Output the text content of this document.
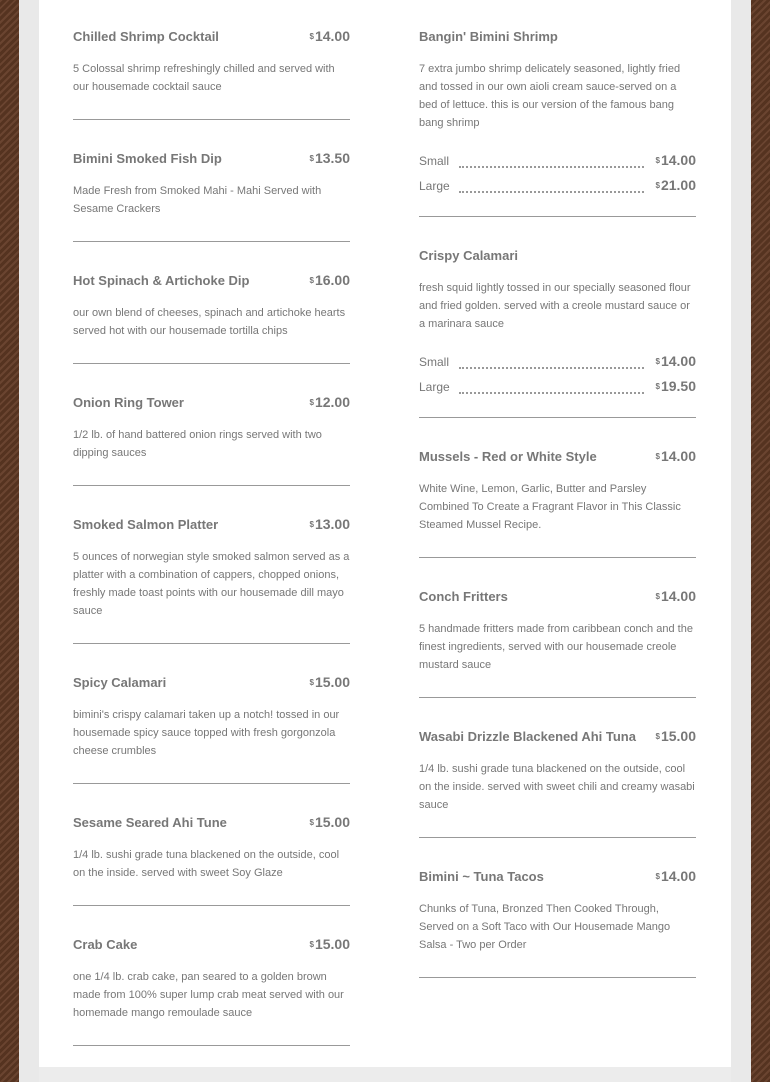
Chilled Shrimp Cocktail	$14.00
5 Colossal shrimp refreshingly chilled and served with our housemade cocktail sauce
Bimini Smoked Fish Dip	$13.50
Made Fresh from Smoked Mahi - Mahi Served with Sesame Crackers
Hot Spinach & Artichoke Dip	$16.00
our own blend of cheeses, spinach and artichoke hearts served hot with our housemade tortilla chips
Onion Ring Tower	$12.00
1/2 lb. of hand battered onion rings served with two dipping sauces
Smoked Salmon Platter	$13.00
5 ounces of norwegian style smoked salmon served as a platter with a combination of cappers, chopped onions, freshly made toast points with our housemade dill mayo sauce
Spicy Calamari	$15.00
bimini's crispy calamari taken up a notch! tossed in our housemade spicy sauce topped with fresh gorgonzola cheese crumbles
Sesame Seared Ahi Tune	$15.00
1/4 lb. sushi grade tuna blackened on the outside, cool on the inside. served with sweet Soy Glaze
Crab Cake	$15.00
one 1/4 lb. crab cake, pan seared to a golden brown made from 100% super lump crab meat served with our homemade mango remoulade sauce
Bangin' Bimini Shrimp
7 extra jumbo shrimp delicately seasoned, lightly fried and tossed in our own aioli cream sauce-served on a bed of lettuce. this is our version of the famous bang bang shrimp
Small	$14.00
Large	$21.00
Crispy Calamari
fresh squid lightly tossed in our specially seasoned flour and fried golden. served with a creole mustard sauce or a marinara sauce
Small	$14.00
Large	$19.50
Mussels - Red or White Style	$14.00
White Wine, Lemon, Garlic, Butter and Parsley Combined To Create a Fragrant Flavor in This Classic Steamed Mussel Recipe.
Conch Fritters	$14.00
5 handmade fritters made from caribbean conch and the finest ingredients, served with our housemade creole mustard sauce
Wasabi Drizzle Blackened Ahi Tuna $15.00
1/4 lb. sushi grade tuna blackened on the outside, cool on the inside. served with sweet chili and creamy wasabi sauce
Bimini ~ Tuna Tacos	$14.00
Chunks of Tuna, Bronzed Then Cooked Through, Served on a Soft Taco with Our Housemade Mango Salsa - Two per Order
